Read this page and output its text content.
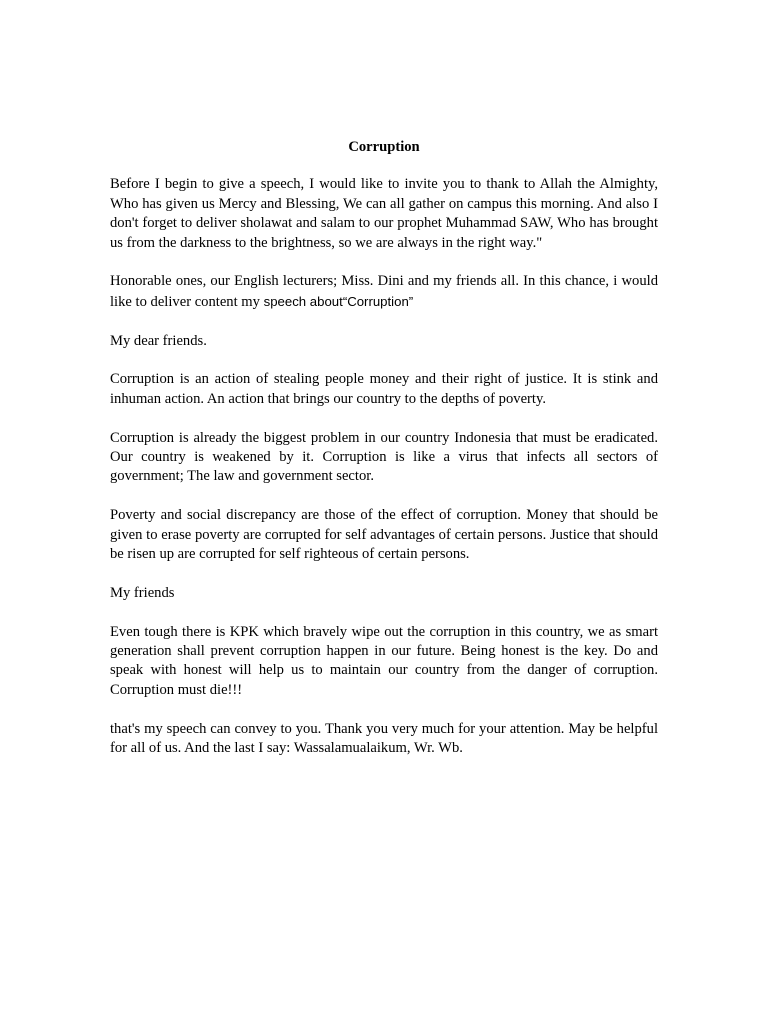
Corruption

Before I begin to give a speech, I would like to invite you to thank to Allah the Almighty, Who has given us Mercy and Blessing, We can all gather on campus this morning. And also I don't forget to deliver sholawat and salam to our prophet Muhammad SAW, Who has brought us from the darkness to the brightness, so we are always in the right way."

Honorable ones, our English lecturers; Miss. Dini and my friends all. In this chance, i would like to deliver content my speech about“Corruption”

My dear friends.

Corruption is an action of stealing people money and their right of justice. It is stink and inhuman action. An action that brings our country to the depths of poverty.

Corruption is already the biggest problem in our country Indonesia that must be eradicated. Our country is weakened by it. Corruption is like a virus that infects all sectors of government; The law and government sector.

Poverty and social discrepancy are those of the effect of corruption. Money that should be given to erase poverty are corrupted for self advantages of certain persons. Justice that should be risen up are corrupted for self righteous of certain persons.

My friends

Even tough there is KPK which bravely wipe out the corruption in this country, we as smart generation shall prevent corruption happen in our future. Being honest is the key. Do and speak with honest will help us to maintain our country from the danger of corruption. Corruption must die!!!

that's my speech can convey to you. Thank you very much for your attention. May be helpful for all of us. And the last I say: Wassalamualaikum, Wr. Wb.
